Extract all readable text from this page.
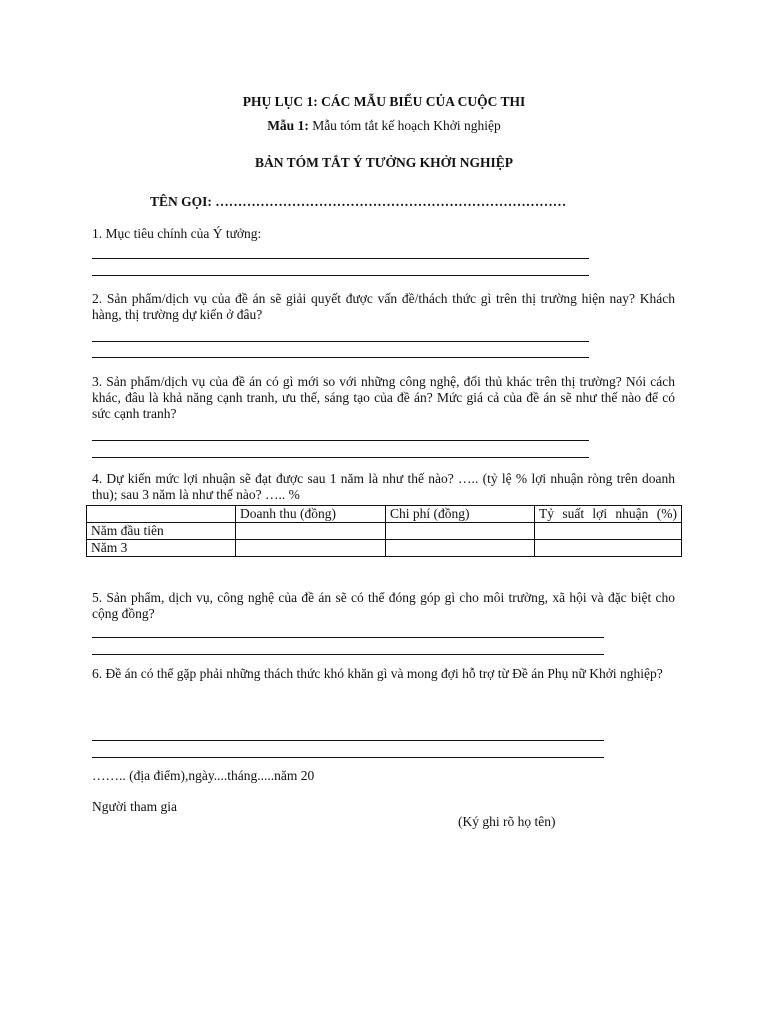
PHỤ LỤC 1: CÁC MẪU BIỂU CỦA CUỘC THI
Mẫu 1: Mẫu tóm tắt kế hoạch Khởi nghiệp
BẢN TÓM TẮT Ý TƯỞNG KHỞI NGHIỆP
TÊN GỌI: ……………………………………………………………………
1. Mục tiêu chính của Ý tưởng:
2. Sản phẩm/dịch vụ của đề án sẽ giải quyết được vấn đề/thách thức gì trên thị trường hiện nay? Khách hàng, thị trường dự kiến ở đâu?
3. Sản phẩm/dịch vụ của đề án có gì mới so với những công nghệ, đối thủ khác trên thị trường? Nói cách khác, đâu là khả năng cạnh tranh, ưu thế, sáng tạo của đề án? Mức giá cả của đề án sẽ như thế nào để có sức cạnh tranh?
4. Dự kiến mức lợi nhuận sẽ đạt được sau 1 năm là như thế nào? ….. (tỷ lệ % lợi nhuận ròng trên doanh thu); sau 3 năm là như thế nào? ….. %
	Doanh thu (đồng)	Chi phí (đồng)	Tỷ suất lợi nhuận (%)

Năm đầu tiên			
Năm 3			
5. Sản phẩm, dịch vụ, công nghệ của đề án sẽ có thể đóng góp gì cho môi trường, xã hội và đặc biệt cho cộng đồng?
6. Đề án có thể gặp phải những thách thức khó khăn gì và mong đợi hỗ trợ từ Đề án Phụ nữ Khởi nghiệp?
…….. (địa điểm),ngày....tháng.....năm 20
Người tham gia
(Ký ghi rõ họ tên)
